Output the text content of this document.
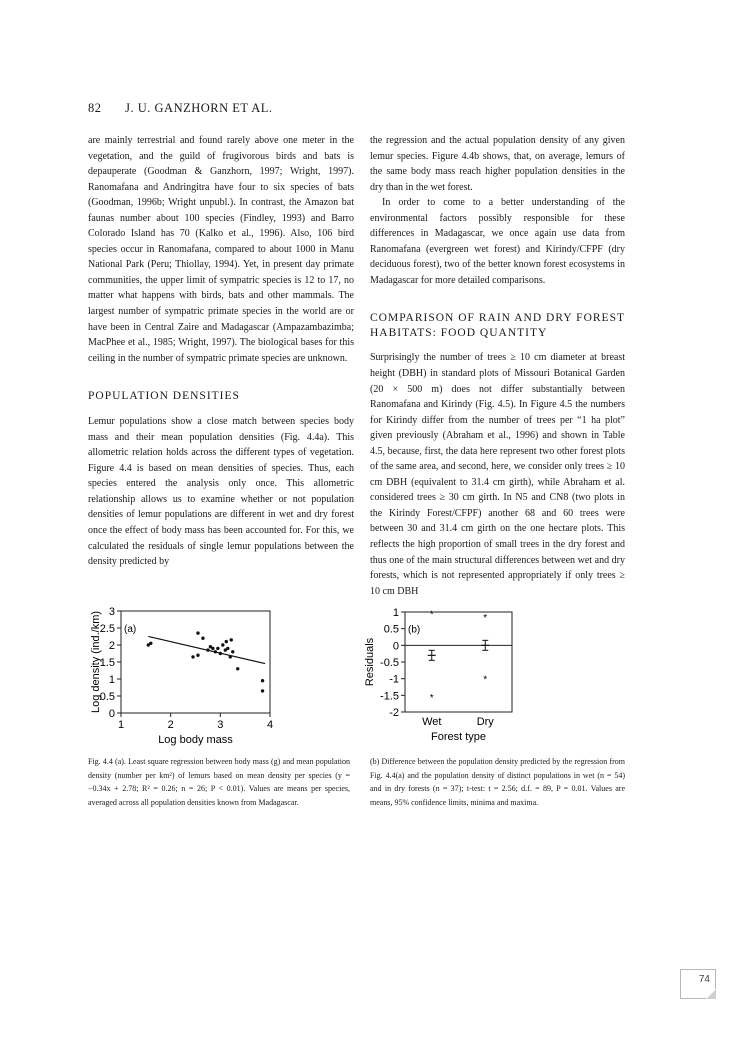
82 J. U. GANZHORN ET AL.

are mainly terrestrial and found rarely above one meter in the vegetation, and the guild of frugivorous birds and bats is depauperate (Goodman & Ganzhorn, 1997; Wright, 1997). Ranomafana and Andringitra have four to six species of bats (Goodman, 1996b; Wright unpubl.). In contrast, the Amazon bat faunas number about 100 species (Findley, 1993) and Barro Colorado Island has 70 (Kalko et al., 1996). Also, 106 bird species occur in Ranomafana, compared to about 1000 in Manu National Park (Peru; Thiollay, 1994). Yet, in present day primate communities, the upper limit of sympatric species is 12 to 17, no matter what happens with birds, bats and other mammals. The largest number of sympatric primate species in the world are or have been in Central Zaire and Madagascar (Ampazambazimba; MacPhee et al., 1985; Wright, 1997). The biological bases for this ceiling in the number of sympatric primate species are unknown.

POPULATION DENSITIES

Lemur populations show a close match between species body mass and their mean population densities (Fig. 4.4a). This allometric relation holds across the different types of vegetation. Figure 4.4 is based on mean densities of species. Thus, each species entered the analysis only once. This allometric relationship allows us to examine whether or not population densities of lemur populations are different in wet and dry forest once the effect of body mass has been accounted for. For this, we calculated the residuals of single lemur populations between the density predicted by

the regression and the actual population density of any given lemur species. Figure 4.4b shows, that, on average, lemurs of the same body mass reach higher population densities in the dry than in the wet forest.

In order to come to a better understanding of the environmental factors possibly responsible for these differences in Madagascar, we once again use data from Ranomafana (evergreen wet forest) and Kirindy/CFPF (dry deciduous forest), two of the better known forest ecosystems in Madagascar for more detailed comparisons.

COMPARISON OF RAIN AND DRY FOREST HABITATS: FOOD QUANTITY

Surprisingly the number of trees ≥ 10 cm diameter at breast height (DBH) in standard plots of Missouri Botanical Garden (20 × 500 m) does not differ substantially between Ranomafana and Kirindy (Fig. 4.5). In Figure 4.5 the numbers for Kirindy differ from the number of trees per “1 ha plot” given previously (Abraham et al., 1996) and shown in Table 4.5, because, first, the data here represent two other forest plots of the same area, and second, here, we consider only trees ≥ 10 cm DBH (equivalent to 31.4 cm girth), while Abraham et al. considered trees ≥ 30 cm girth. In N5 and CN8 (two plots in the Kirindy Forest/CFPF) another 68 and 60 trees were between 30 and 31.4 cm girth on the one hectare plots. This reflects the high proportion of small trees in the dry forest and thus one of the main structural differences between wet and dry forests, which is not represented appropriately if only trees ≥ 10 cm DBH

0
0.5
1
1.5
2
2.5
3
1	2	3	4
(a)
Log body mass
Log density (ind./km)	1
0.5
0
-0.5
-1
-1.5
-2
Wet	Dry
*
*
*
*
(b)
Forest type
Residuals
Fig. 4.4 (a). Least square regression between body mass (g) and mean population density (number per km²) of lemurs based on mean density per species (y = −0.34x + 2.78; R² = 0.26; n = 26; P < 0.01). Values are means per species, averaged across all population densities known from Madagascar.
(b) Difference between the population density predicted by the regression from Fig. 4.4(a) and the population density of distinct populations in wet (n = 54) and in dry forests (n = 37); t-test: t = 2.56; d.f. = 89, P = 0.01. Values are means, 95% confidence limits, minima and maxima.
74
